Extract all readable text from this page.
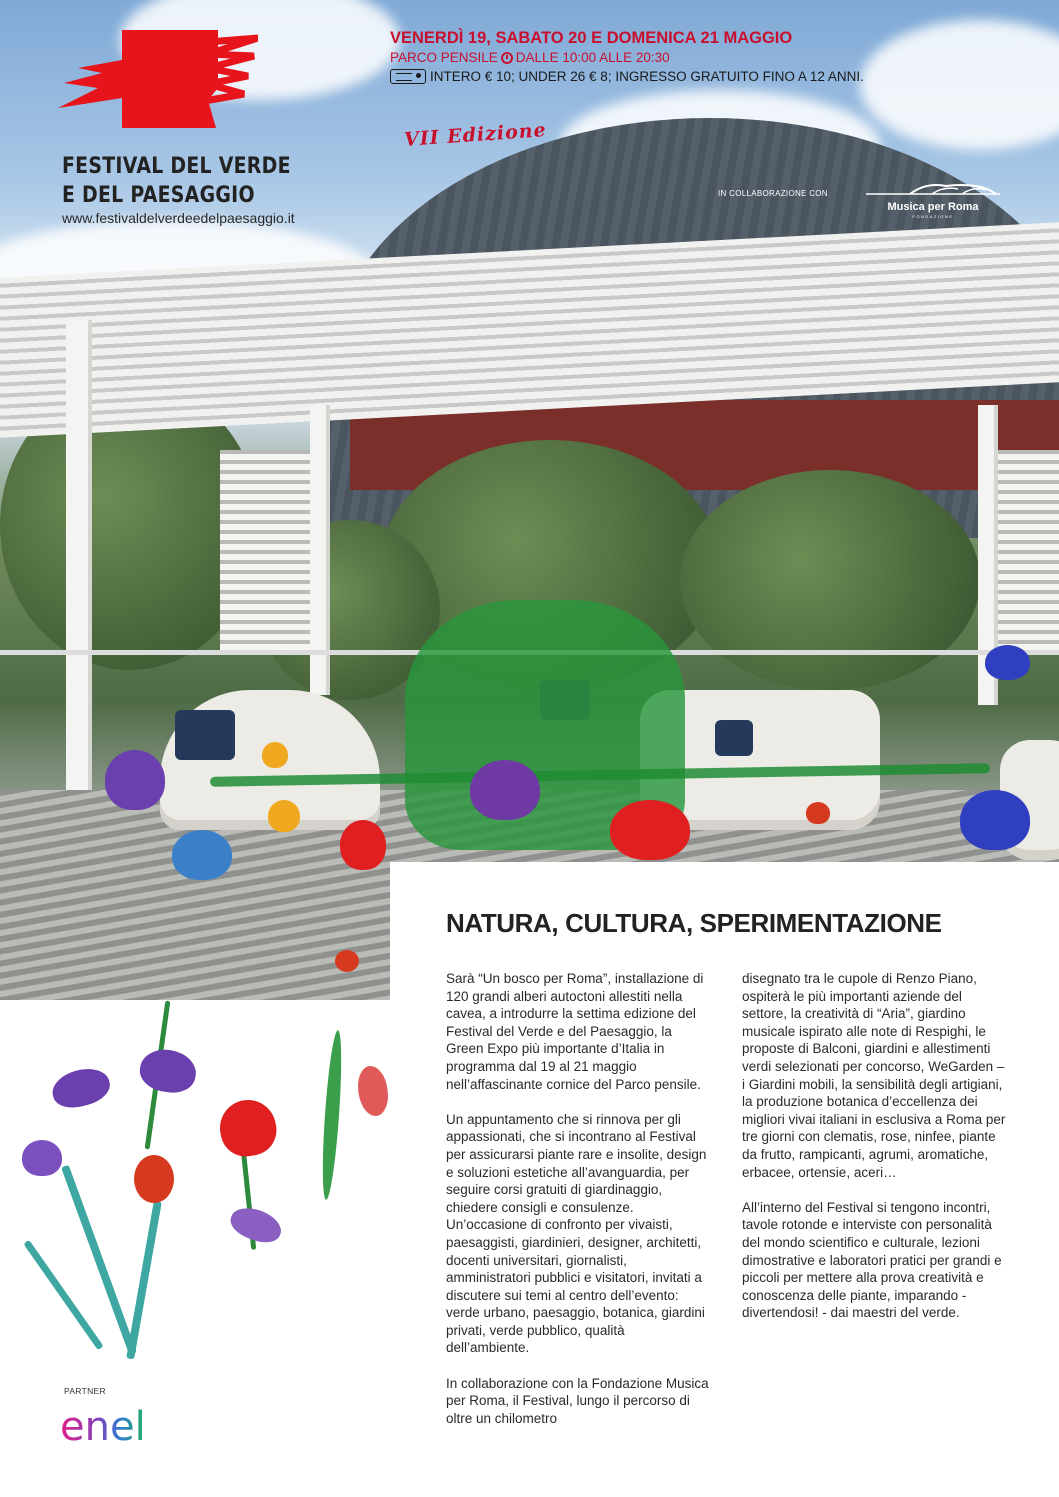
FESTIVAL DEL VERDE
E DEL PAESAGGIO
www.festivaldelverdeedelpaesaggio.it
VENERDÌ 19, SABATO 20 E DOMENICA 21 MAGGIO
PARCO PENSILE DALLE 10:00 ALLE 20:30
INTERO € 10; UNDER 26 € 8; INGRESSO GRATUITO FINO A 12 ANNI.
VII Edizione
IN COLLABORAZIONE CON
Musica per Roma
FONDAZIONE
NATURA, CULTURA, SPERIMENTAZIONE

Sarà “Un bosco per Roma”, installazione di 120 grandi alberi autoctoni allestiti nella cavea, a introdurre la settima edizione del Festival del Verde e del Paesaggio, la Green Expo più importante d’Italia in programma dal 19 al 21 maggio nell’affascinante cornice del Parco pensile.

Un appuntamento che si rinnova per gli appassionati, che si incontrano al Festival per assicurarsi piante rare e insolite, design e soluzioni estetiche all’avanguardia, per seguire corsi gratuiti di giardinaggio, chiedere consigli e consulenze. Un’occasione di confronto per vivaisti, paesaggisti, giardinieri, designer, architetti, docenti universitari, giornalisti, amministratori pubblici e visitatori, invitati a discutere sui temi al centro dell’evento: verde urbano, paesaggio, botanica, giardini privati, verde pubblico, qualità dell’ambiente.

In collaborazione con la Fondazione Musica per Roma, il Festival, lungo il percorso di oltre un chilometro

disegnato tra le cupole di Renzo Piano, ospiterà le più importanti aziende del settore, la creatività di “Aria”, giardino musicale ispirato alle note di Respighi, le proposte di Balconi, giardini e allestimenti verdi selezionati per concorso, WeGarden – i Giardini mobili, la sensibilità degli artigiani, la produzione botanica d’eccellenza dei migliori vivai italiani in esclusiva a Roma per tre giorni con clematis, rose, ninfee, piante da frutto, rampicanti, agrumi, aromatiche, erbacee, ortensie, aceri…

All’interno del Festival si tengono incontri, tavole rotonde e interviste con personalità del mondo scientifico e culturale, lezioni dimostrative e laboratori pratici per grandi e piccoli per mettere alla prova creatività e conoscenza delle piante, imparando - divertendosi! - dai maestri del verde.

PARTNER
enel
